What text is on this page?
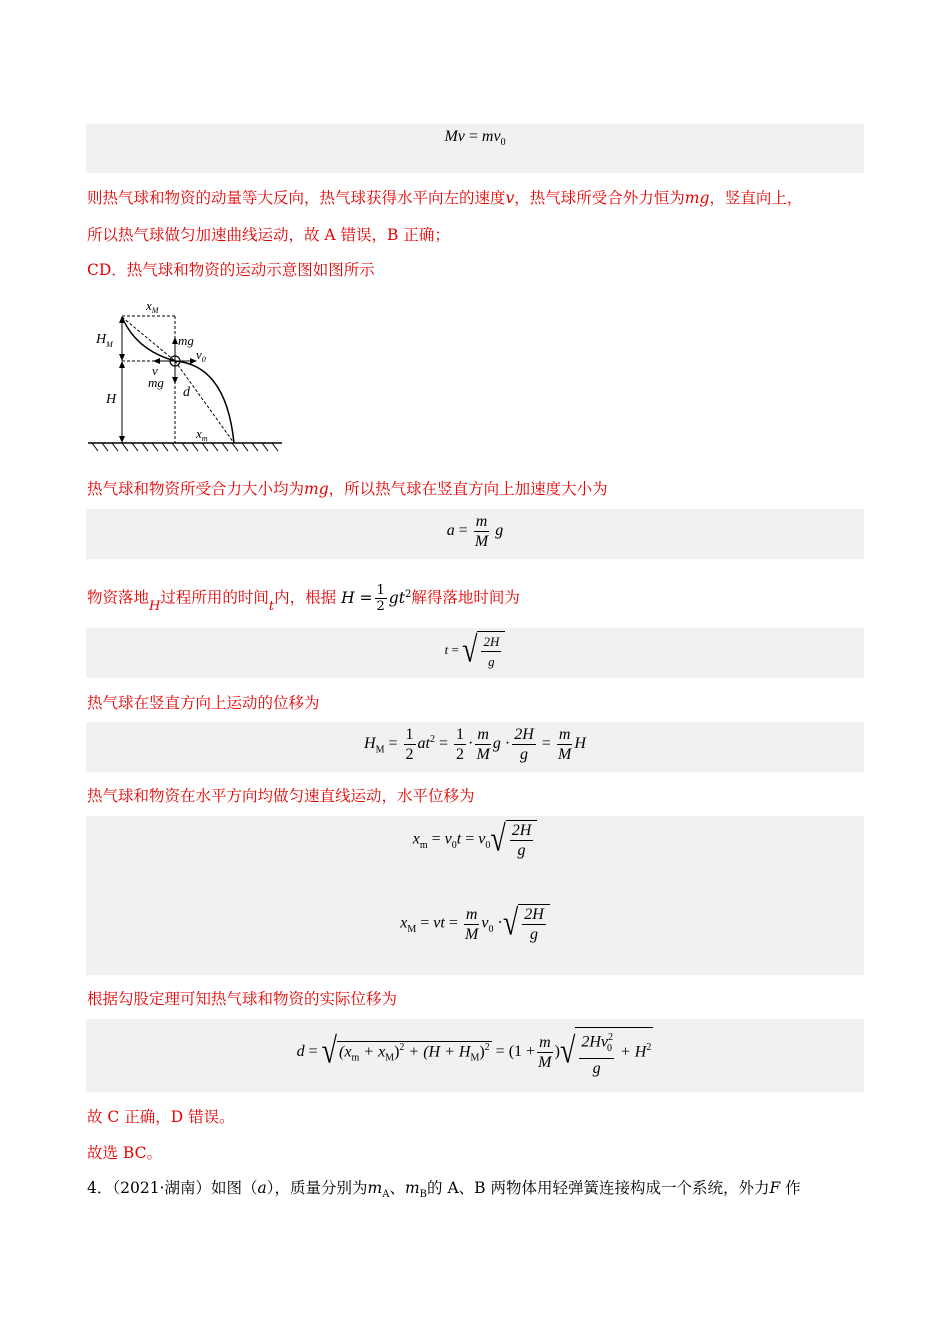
$Mv = mv_0$
则热气球和物资的动量等大反向，热气球获得水平向左的速度v，热气球所受合外力恒为mg，竖直向上，
所以热气球做匀加速曲线运动，故 A 错误，B 正确；
CD．热气球和物资的运动示意图如图所示
$x_M$
$H_M$	mg
$v_0$
v
mg
d
H
$x_m$
热气球和物资所受合力大小均为mg，所以热气球在竖直方向上加速度大小为
$a = \frac{m}{M}$ g
物资落地$_H$过程所用的时间$_t$内，根据 $H = \frac{1}{2} gt^2$解得落地时间为
t = √ $\frac{2H}{g}$
热气球在竖直方向上运动的位移为
$H_M = \frac{1}{2} at^2 = \frac{1}{2} \cdot \frac{m}{M}$ $g \cdot \frac{2H}{g} = \frac{m}{M}$ H
热气球和物资在水平方向均做匀速直线运动，水平位移为
$x_m = v_0t = v_0√ \frac{2H}{g}$
$x_M$ = vt = $\frac{m}{M} v_0$ ·√ $\frac{2H}{g}$
根据勾股定理可知热气球和物资的实际位移为
d = √ $(x_m + x_M)^2 + (H + H_M)^2 = (1 + \frac{m}{M}$ )√ $\frac{2Hv^2_0}{g} + H^2$
故 C 正确，D 错误。
故选 BC。
4．（2021·湖南）如图（a），质量分别为$m_A$、$m_B$的 A、B 两物体用轻弹簧连接构成一个系统，外力F 作
